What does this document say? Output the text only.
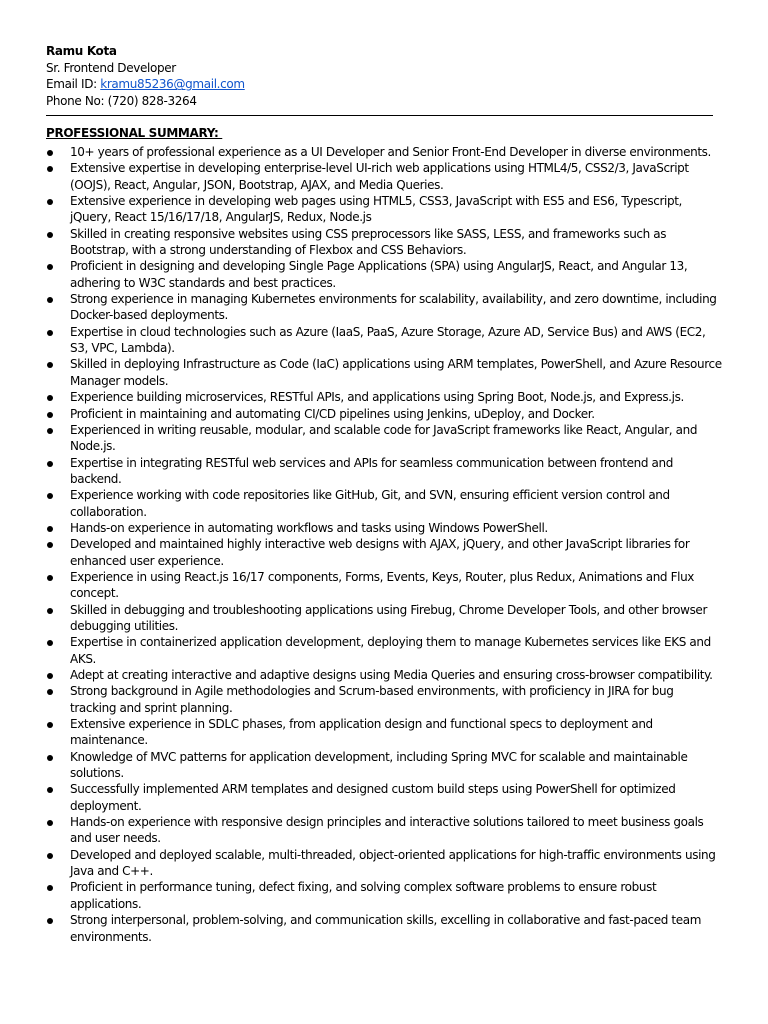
Ramu Kota
Sr. Frontend Developer
Email ID: kramu85236@gmail.com
Phone No: (720) 828-3264
PROFESSIONAL SUMMARY:
10+ years of professional experience as a UI Developer and Senior Front-End Developer in diverse environments.
Extensive expertise in developing enterprise-level UI-rich web applications using HTML4/5, CSS2/3, JavaScript (OOJS), React, Angular, JSON, Bootstrap, AJAX, and Media Queries.
Extensive experience in developing web pages using HTML5, CSS3, JavaScript with ES5 and ES6, Typescript, jQuery, React 15/16/17/18, AngularJS, Redux, Node.js
Skilled in creating responsive websites using CSS preprocessors like SASS, LESS, and frameworks such as Bootstrap, with a strong understanding of Flexbox and CSS Behaviors.
Proficient in designing and developing Single Page Applications (SPA) using AngularJS, React, and Angular 13, adhering to W3C standards and best practices.
Strong experience in managing Kubernetes environments for scalability, availability, and zero downtime, including Docker-based deployments.
Expertise in cloud technologies such as Azure (IaaS, PaaS, Azure Storage, Azure AD, Service Bus) and AWS (EC2, S3, VPC, Lambda).
Skilled in deploying Infrastructure as Code (IaC) applications using ARM templates, PowerShell, and Azure Resource Manager models.
Experience building microservices, RESTful APIs, and applications using Spring Boot, Node.js, and Express.js.
Proficient in maintaining and automating CI/CD pipelines using Jenkins, uDeploy, and Docker.
Experienced in writing reusable, modular, and scalable code for JavaScript frameworks like React, Angular, and Node.js.
Expertise in integrating RESTful web services and APIs for seamless communication between frontend and backend.
Experience working with code repositories like GitHub, Git, and SVN, ensuring efficient version control and collaboration.
Hands-on experience in automating workflows and tasks using Windows PowerShell.
Developed and maintained highly interactive web designs with AJAX, jQuery, and other JavaScript libraries for enhanced user experience.
Experience in using React.js 16/17 components, Forms, Events, Keys, Router, plus Redux, Animations and Flux concept.
Skilled in debugging and troubleshooting applications using Firebug, Chrome Developer Tools, and other browser debugging utilities.
Expertise in containerized application development, deploying them to manage Kubernetes services like EKS and AKS.
Adept at creating interactive and adaptive designs using Media Queries and ensuring cross-browser compatibility.
Strong background in Agile methodologies and Scrum-based environments, with proficiency in JIRA for bug tracking and sprint planning.
Extensive experience in SDLC phases, from application design and functional specs to deployment and maintenance.
Knowledge of MVC patterns for application development, including Spring MVC for scalable and maintainable solutions.
Successfully implemented ARM templates and designed custom build steps using PowerShell for optimized deployment.
Hands-on experience with responsive design principles and interactive solutions tailored to meet business goals and user needs.
Developed and deployed scalable, multi-threaded, object-oriented applications for high-traffic environments using Java and C++.
Proficient in performance tuning, defect fixing, and solving complex software problems to ensure robust applications.
Strong interpersonal, problem-solving, and communication skills, excelling in collaborative and fast-paced team environments.
